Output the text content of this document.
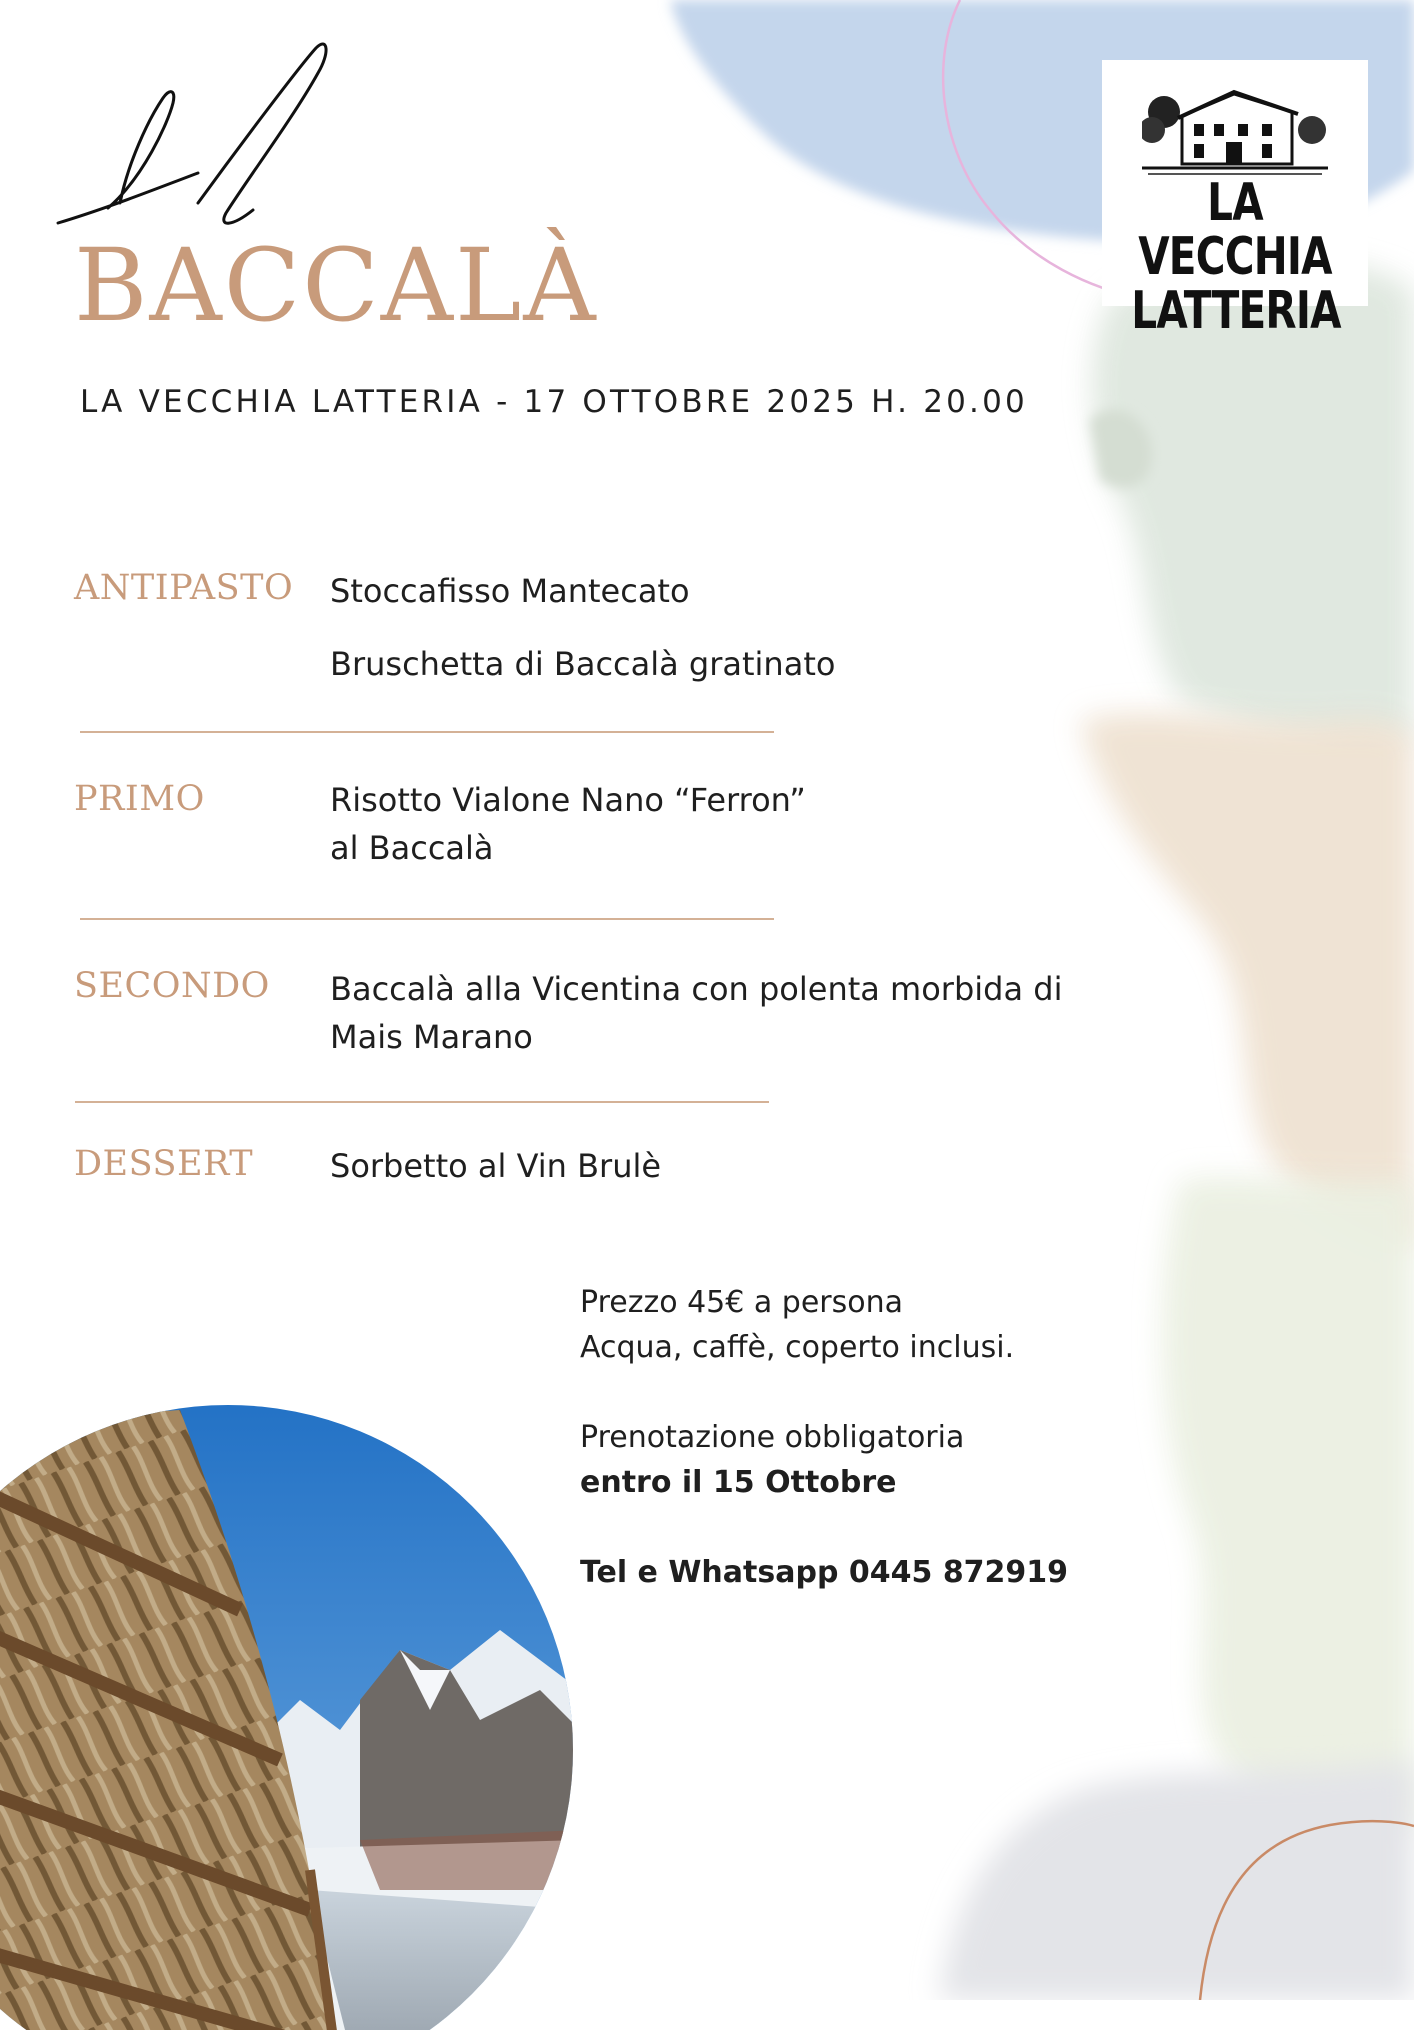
BACCALÀ
LA VECCHIA LATTERIA - 17 OTTOBRE 2025 H. 20.00
LA VECCHIA
LATTERIA
ANTIPASTO Stoccafisso Mantecato
Bruschetta di Baccalà gratinato
PRIMO	Risotto Vialone Nano “Ferron”
al Baccalà
SECONDO Baccalà alla Vicentina con polenta morbida di
Mais Marano
DESSERT Sorbetto al Vin Brulè
Prezzo 45€ a persona
Acqua, caffè, coperto inclusi.
Prenotazione obbligatoria
entro il 15 Ottobre
Tel e Whatsapp 0445 872919
